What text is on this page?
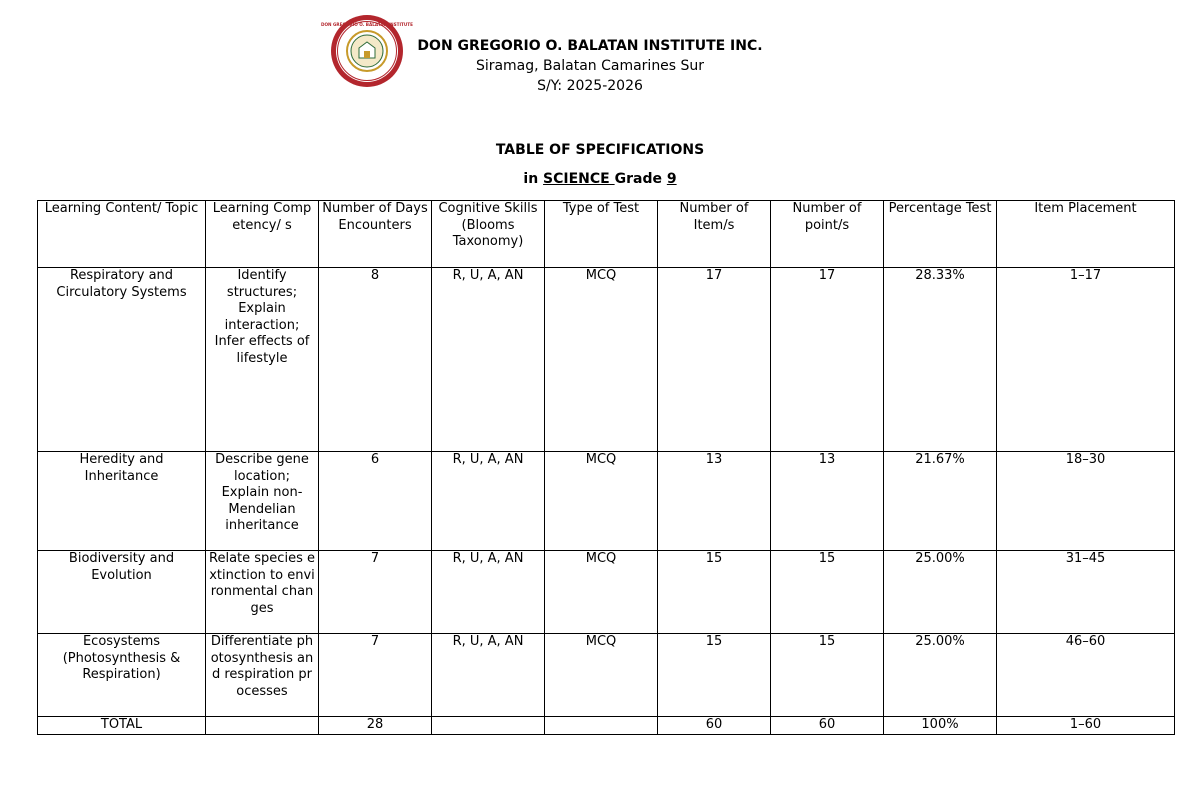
DON GREGORIO O. BALATAN INSTITUTE
DON GREGORIO O. BALATAN INSTITUTE INC.
Siramag, Balatan Camarines Sur
S/Y: 2025-2026
TABLE OF SPECIFICATIONS
in SCIENCE Grade 9
Learning Content/ Topic	Learning Competency/ s	Number of Days Encounters	Cognitive Skills (Blooms Taxonomy)	Type of Test	Number of Item/s	Number of point/s	Percentage Test	Item Placement
Respiratory and Circulatory Systems	Identify structures; Explain interaction; Infer effects of lifestyle	8	R, U, A, AN	MCQ	17	17	28.33%	1–17
Heredity and Inheritance	Describe gene location; Explain non-Mendelian inheritance	6	R, U, A, AN	MCQ	13	13	21.67%	18–30
Biodiversity and Evolution	Relate species extinction to environmental changes	7	R, U, A, AN	MCQ	15	15	25.00%	31–45
Ecosystems (Photosynthesis & Respiration)	Differentiate photosynthesis and respiration processes	7	R, U, A, AN	MCQ	15	15	25.00%	46–60
TOTAL		28			60	60	100%	1–60
